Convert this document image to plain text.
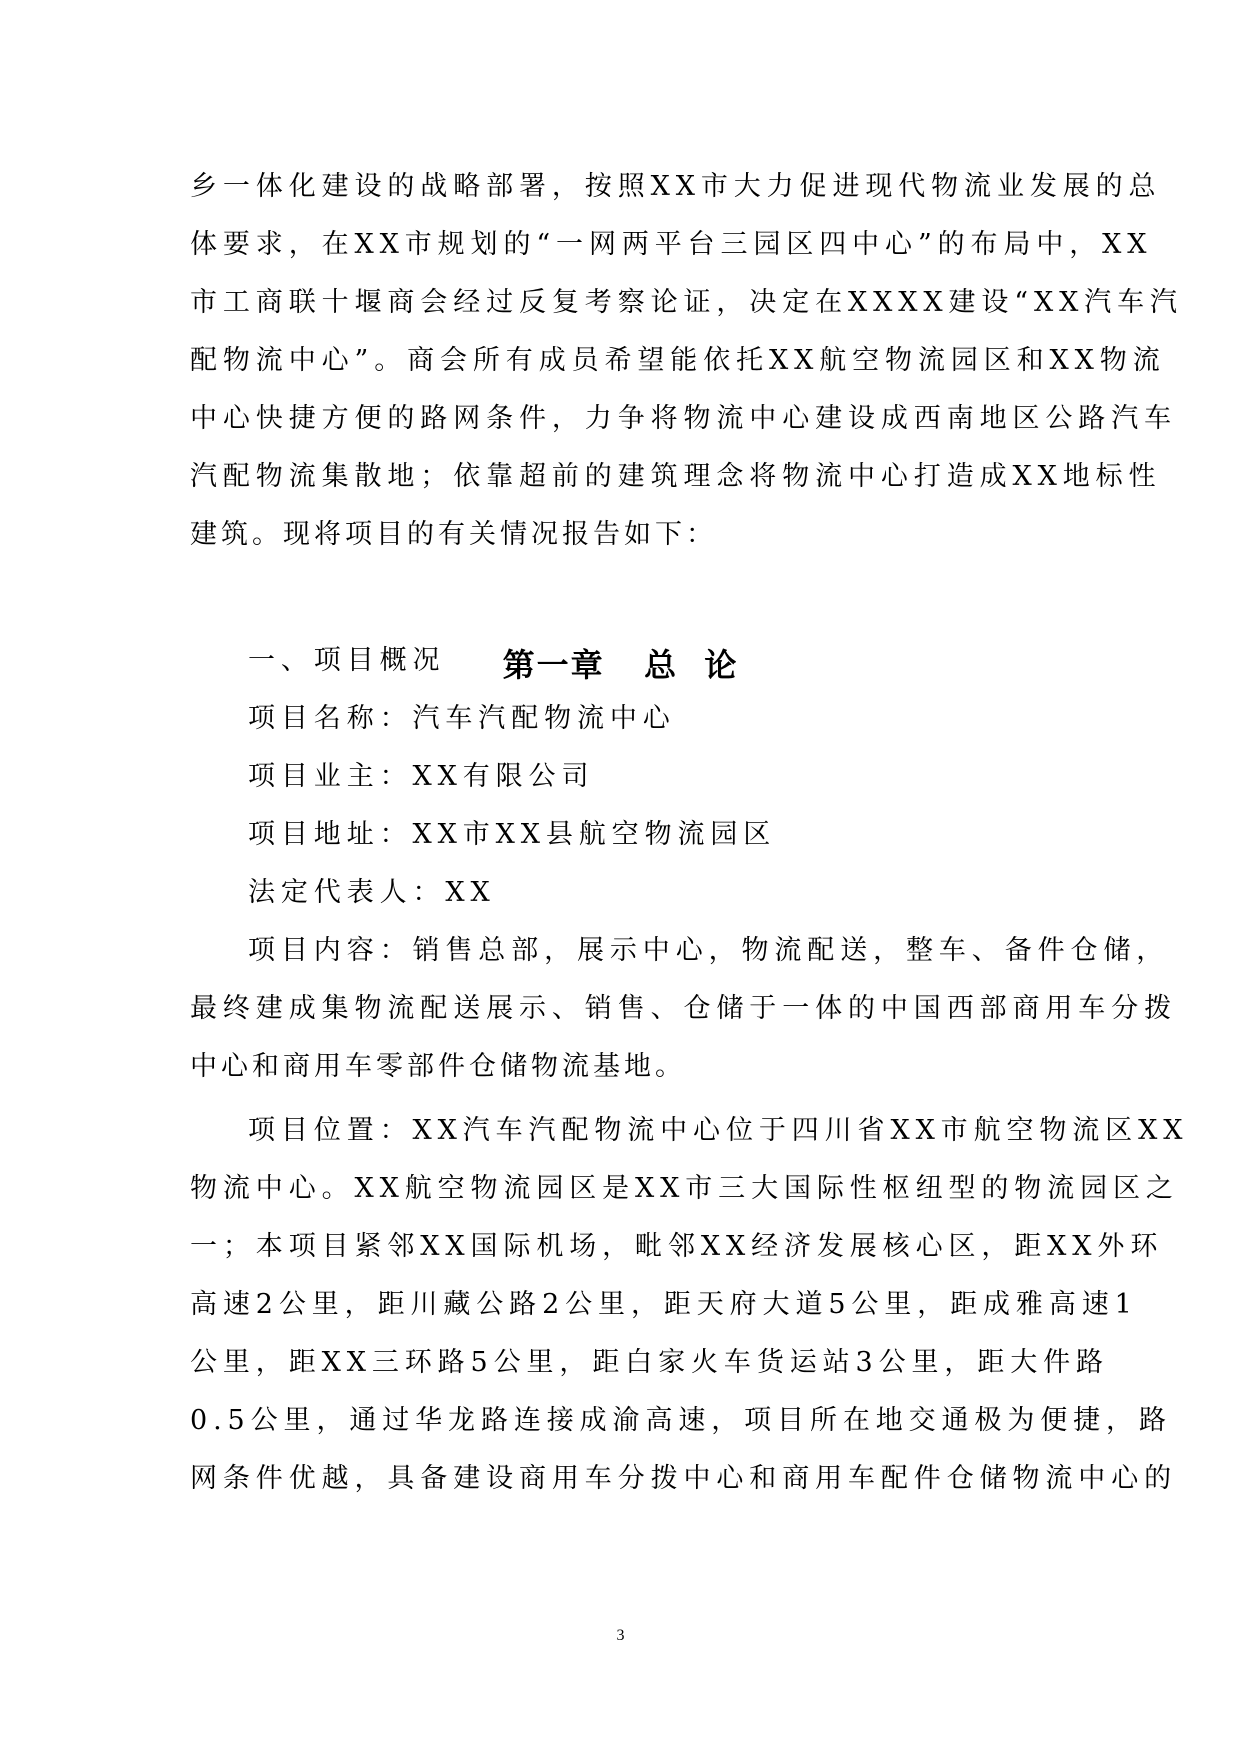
乡一体化建设的战略部署，按照XX市大力促进现代物流业发展的总
体要求，在XX市规划的“一网两平台三园区四中心”的布局中，XX
市工商联十堰商会经过反复考察论证，决定在XXXX建设“XX汽车汽
配物流中心”。商会所有成员希望能依托XX航空物流园区和XX物流
中心快捷方便的路网条件，力争将物流中心建设成西南地区公路汽车
汽配物流集散地；依靠超前的建筑理念将物流中心打造成XX地标性
建筑。现将项目的有关情况报告如下：
第一章   总  论
一、项目概况
项目名称：汽车汽配物流中心
项目业主：XX有限公司
项目地址：XX市XX县航空物流园区
法定代表人：XX
项目内容：销售总部，展示中心，物流配送，整车、备件仓储，
最终建成集物流配送展示、销售、仓储于一体的中国西部商用车分拨
中心和商用车零部件仓储物流基地。
项目位置：XX汽车汽配物流中心位于四川省XX市航空物流区XX
物流中心。XX航空物流园区是XX市三大国际性枢纽型的物流园区之
一；本项目紧邻XX国际机场，毗邻XX经济发展核心区，距XX外环
高速2公里，距川藏公路2公里，距天府大道5公里，距成雅高速1
公里，距XX三环路5公里，距白家火车货运站3公里，距大件路
0.5公里，通过华龙路连接成渝高速，项目所在地交通极为便捷，路
网条件优越，具备建设商用车分拨中心和商用车配件仓储物流中心的
3
